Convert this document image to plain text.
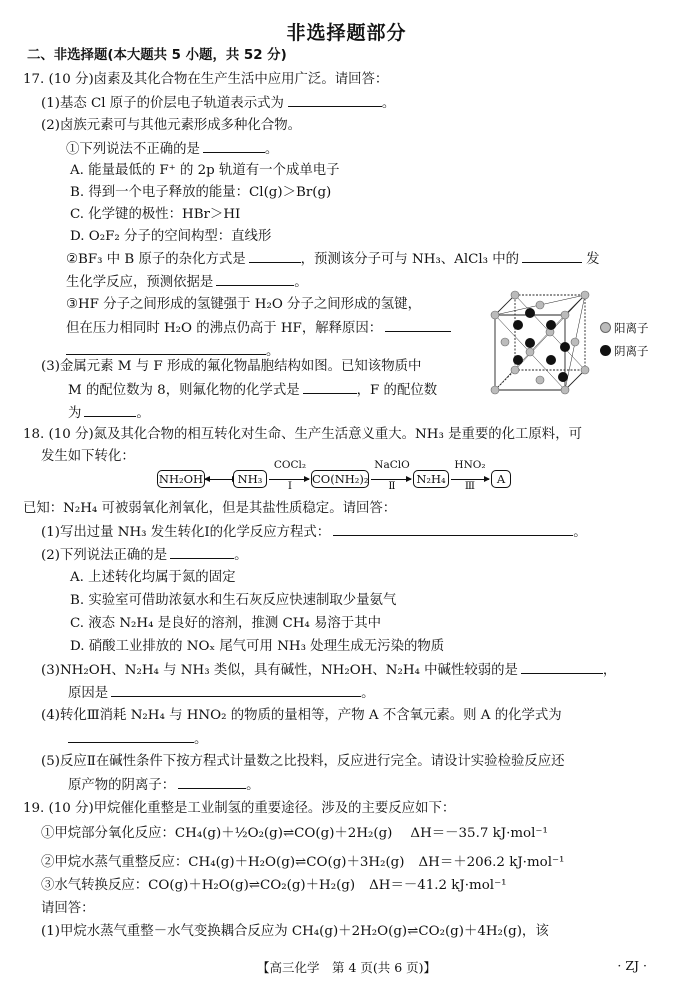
非选择题部分
二、非选择题(本大题共 5 小题，共 52 分)
17. (10 分)卤素及其化合物在生产生活中应用广泛。请回答：
(1)基态 Cl 原子的价层电子轨道表示式为	。
(2)卤族元素可与其他元素形成多种化合物。
①下列说法不正确的是	。
A. 能量最低的 F⁺ 的 2p 轨道有一个成单电子
B. 得到一个电子释放的能量：Cl(g)＞Br(g)
C. 化学键的极性：HBr＞HI
D. O₂F₂ 分子的空间构型：直线形
②BF₃ 中 B 原子的杂化方式是	，预测该分子可与 NH₃、AlCl₃ 中的	发
生化学反应，预测依据是	。
③HF 分子之间形成的氢键强于 H₂O 分子之间形成的氢键，
但在压力相同时 H₂O 的沸点仍高于 HF，解释原因：
。
(3)金属元素 M 与 F 形成的氟化物晶胞结构如图。已知该物质中
M 的配位数为 8，则氟化物的化学式是	，F 的配位数
为	。
阳离子
阴离子
18. (10 分)氮及其化合物的相互转化对生命、生产生活意义重大。NH₃ 是重要的化工原料，可
发生如下转化：
NH₂OH	NH₃
COCl₂
Ⅰ	CO(NH₂)₂
NaClO
Ⅱ	N₂H₄
HNO₂
Ⅲ	A
已知：N₂H₄ 可被弱氧化剂氧化，但是其盐性质稳定。请回答：
(1)写出过量 NH₃ 发生转化Ⅰ的化学反应方程式：	。
(2)下列说法正确的是	。
A. 上述转化均属于氮的固定
B. 实验室可借助浓氨水和生石灰反应快速制取少量氨气
C. 液态 N₂H₄ 是良好的溶剂，推测 CH₄ 易溶于其中
D. 硝酸工业排放的 NOₓ 尾气可用 NH₃ 处理生成无污染的物质
(3)NH₂OH、N₂H₄ 与 NH₃ 类似，具有碱性，NH₂OH、N₂H₄ 中碱性较弱的是	，
原因是	。
(4)转化Ⅲ消耗 N₂H₄ 与 HNO₂ 的物质的量相等，产物 A 不含氧元素。则 A 的化学式为
。
(5)反应Ⅱ在碱性条件下按方程式计量数之比投料，反应进行完全。请设计实验检验反应还
原产物的阴离子：	。
19. (10 分)甲烷催化重整是工业制氢的重要途径。涉及的主要反应如下：
①甲烷部分氧化反应：CH₄(g)＋½O₂(g)⇌CO(g)＋2H₂(g) ΔH＝－35.7 kJ·mol⁻¹
②甲烷水蒸气重整反应：CH₄(g)＋H₂O(g)⇌CO(g)＋3H₂(g) ΔH＝＋206.2 kJ·mol⁻¹
③水气转换反应：CO(g)＋H₂O(g)⇌CO₂(g)＋H₂(g) ΔH＝－41.2 kJ·mol⁻¹
请回答：
(1)甲烷水蒸气重整－水气变换耦合反应为 CH₄(g)＋2H₂O(g)⇌CO₂(g)＋4H₂(g)，该
【高三化学　第 4 页(共 6 页)】	· ZJ ·
